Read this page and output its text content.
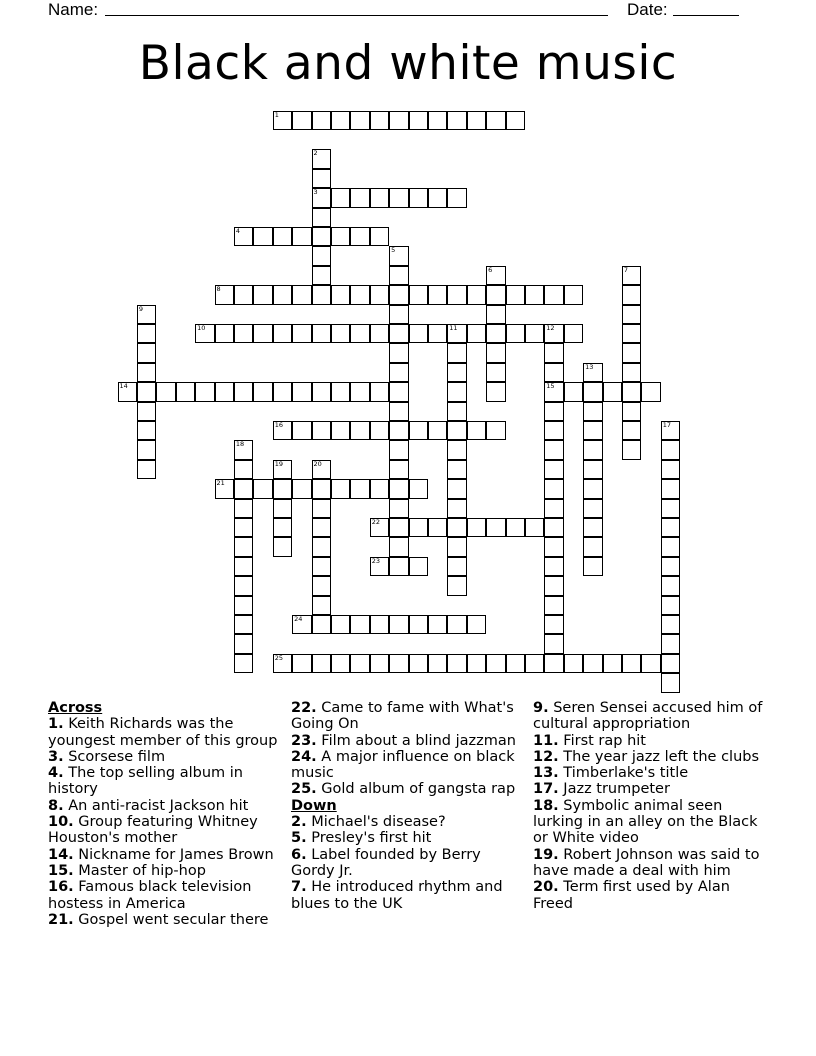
Name:	Date:
Black and white music
1
2
3
4
5
6	7
8
9
10	11	12
15
13
14
16	17
18
19	20
21
22
23
24
25
Across
1. Keith Richards was the youngest member of this group
3. Scorsese film
4. The top selling album in history
8. An anti-racist Jackson hit
10. Group featuring Whitney Houston's mother
14. Nickname for James Brown
15. Master of hip-hop
16. Famous black television hostess in America
21. Gospel went secular there
22. Came to fame with What's Going On
23. Film about a blind jazzman
24. A major influence on black music
25. Gold album of gangsta rap
Down
2. Michael's disease?
5. Presley's first hit
6. Label founded by Berry Gordy Jr.
7. He introduced rhythm and blues to the UK
9. Seren Sensei accused him of cultural appropriation
11. First rap hit
12. The year jazz left the clubs
13. Timberlake's title
17. Jazz trumpeter
18. Symbolic animal seen lurking in an alley on the Black or White video
19. Robert Johnson was said to have made a deal with him
20. Term first used by Alan Freed
